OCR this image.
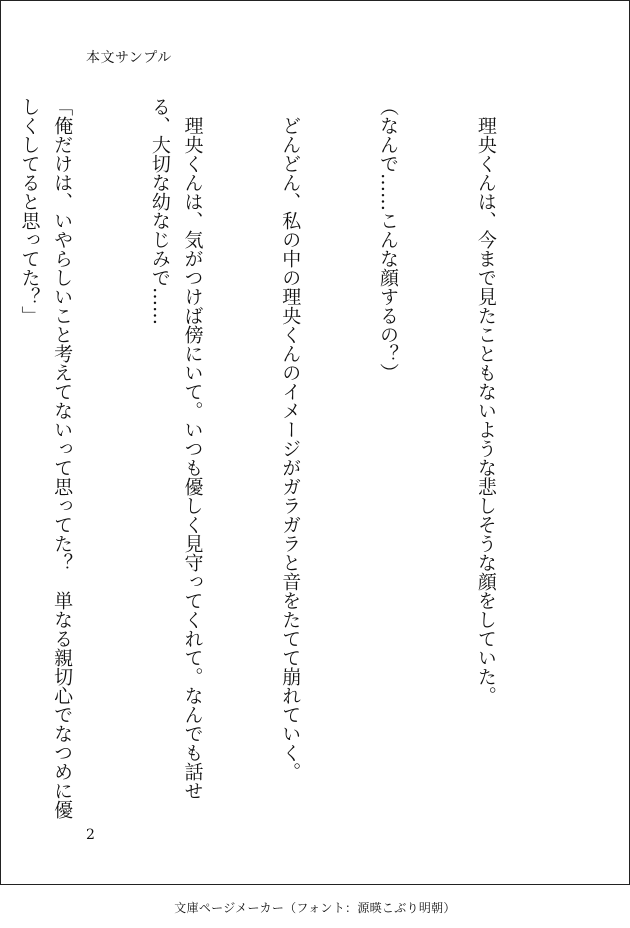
本文サンプル

　理央くんは、今まで見たこともないような悲しそうな顔をしていた。

（なんで……こんな顔するの？）

　どんどん、私の中の理央くんのイメージがガラガラと音をたてて崩れていく。

　理央くんは、気がつけば傍にいて。いつも優しく見守ってくれて。なんでも話せる、大切な幼なじみで……

「俺だけは、いやらしいこと考えてないって思ってた？　単なる親切心でなつめに優しくしてると思ってた？」

2
文庫ページメーカー（フォント：源暎こぶり明朝）
